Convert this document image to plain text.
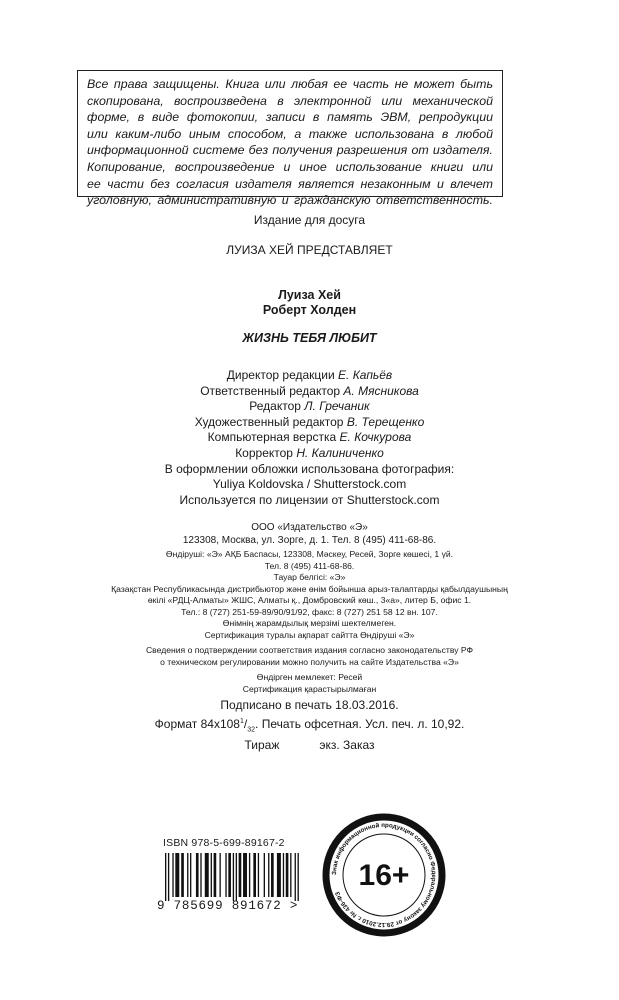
Все права защищены. Книга или любая ее часть не может быть
скопирована, воспроизведена в электронной или механической
форме, в виде фотокопии, записи в память ЭВМ, репродукции
или каким-либо иным способом, а также использована в любой
информационной системе без получения разрешения от издателя.
Копирование, воспроизведение и иное использование книги или
ее части без согласия издателя является незаконным и влечет
уголовную, административную и гражданскую ответственность.
Издание для досуга
ЛУИЗА ХЕЙ ПРЕДСТАВЛЯЕТ
Луиза Хей
Роберт Холден
ЖИЗНЬ ТЕБЯ ЛЮБИТ
Директор редакции Е. Капьёв
Ответственный редактор А. Мясникова
Редактор Л. Гречаник
Художественный редактор В. Терещенко
Компьютерная верстка Е. Кочкурова
Корректор Н. Калиниченко
В оформлении обложки использована фотография:
Yuliya Koldovska / Shutterstock.com
Используется по лицензии от Shutterstock.com
ООО «Издательство «Э»
123308, Москва, ул. Зорге, д. 1. Тел. 8 (495) 411-68-86.
Өндіруші: «Э» АҚБ Баспасы, 123308, Мәскеу, Ресей, Зорге көшесі, 1 үй.
Тел. 8 (495) 411-68-86.
Тауар белгісі: «Э»
Қазақстан Республикасында дистрибьютор және өнім бойынша арыз-талаптарды қабылдаушының
өкілі «РДЦ-Алматы» ЖШС, Алматы қ., Домбровский көш., 3«а», литер Б, офис 1.
Тел.: 8 (727) 251-59-89/90/91/92, факс: 8 (727) 251 58 12 вн. 107.
Өнімнің жарамдылық мерзімі шектелмеген.
Сертификация туралы ақпарат сайтта Өндіруші «Э»
Сведения о подтверждении соответствия издания согласно законодательству РФ
о техническом регулировании можно получить на сайте Издательства «Э»
Өндірген мемлекет: Ресей
Сертификация қарастырылмаған
Подписано в печать 18.03.2016.
Формат $84x108^1/_{32}$. Печать офсетная. Усл. печ. л. 10,92.
Тираж            экз. Заказ
ISBN 978-5-699-89167-2
9 785699 891672 >
Знак информационной продукции согласно Федеральному закону от 29.12.2010 г. № 436-ФЗ
16+
